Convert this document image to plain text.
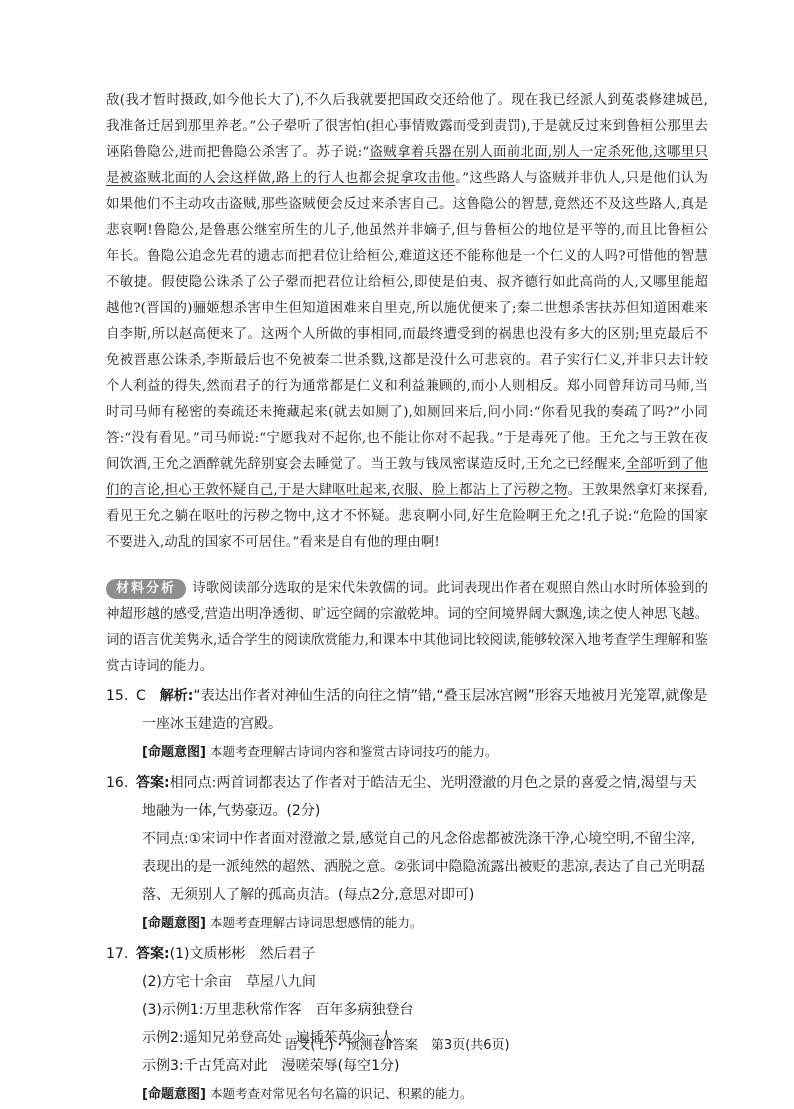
敌(我才暂时摄政,如今他长大了),不久后我就要把国政交还给他了。现在我已经派人到菟裘修建城邑,我准备迁居到那里养老。”公子翚听了很害怕(担心事情败露而受到责罚),于是就反过来到鲁桓公那里去诬陷鲁隐公,进而把鲁隐公杀害了。苏子说:“盗贼拿着兵器在别人面前北面,别人一定杀死他,这哪里只是被盗贼北面的人会这样做,路上的行人也都会捉拿攻击他。”这些路人与盗贼并非仇人,只是他们认为如果他们不主动攻击盗贼,那些盗贼便会反过来杀害自己。这鲁隐公的智慧,竟然还不及这些路人,真是悲哀啊!鲁隐公,是鲁惠公继室所生的儿子,他虽然并非嫡子,但与鲁桓公的地位是平等的,而且比鲁桓公年长。鲁隐公追念先君的遗志而把君位让给桓公,难道这还不能称他是一个仁义的人吗?可惜他的智慧不敏捷。假使隐公诛杀了公子翚而把君位让给桓公,即使是伯夷、叔齐德行如此高尚的人,又哪里能超越他?(晋国的)骊姬想杀害申生但知道困难来自里克,所以施优便来了;秦二世想杀害扶苏但知道困难来自李斯,所以赵高便来了。这两个人所做的事相同,而最终遭受到的祸患也没有多大的区别;里克最后不免被晋惠公诛杀,李斯最后也不免被秦二世杀戮,这都是没什么可悲哀的。君子实行仁义,并非只去计较个人利益的得失,然而君子的行为通常都是仁义和利益兼顾的,而小人则相反。郑小同曾拜访司马师,当时司马师有秘密的奏疏还未掩藏起来(就去如厕了),如厕回来后,问小同:“你看见我的奏疏了吗?”小同答:“没有看见。”司马师说:“宁愿我对不起你,也不能让你对不起我。”于是毒死了他。王允之与王敦在夜间饮酒,王允之酒醉就先辞别宴会去睡觉了。当王敦与钱凤密谋造反时,王允之已经醒来,全部听到了他们的言论,担心王敦怀疑自己,于是大肆呕吐起来,衣服、脸上都沾上了污秽之物。王敦果然拿灯来探看,看见王允之躺在呕吐的污秽之物中,这才不怀疑。悲哀啊小同,好生危险啊王允之!孔子说:“危险的国家不要进入,动乱的国家不可居住。”看来是自有他的理由啊!

材料分析 诗歌阅读部分选取的是宋代朱敦儒的词。此词表现出作者在观照自然山水时所体验到的神超形越的感受,营造出明净透彻、旷远空阔的宗澈乾坤。词的空间境界阔大飘逸,读之使人神思飞越。词的语言优美隽永,适合学生的阅读欣赏能力,和课本中其他词比较阅读,能够较深入地考查学生理解和鉴赏古诗词的能力。

15. C　 解析:“表达出作者对神仙生活的向往之情”错,“叠玉层冰宫阙”形容天地被月光笼罩,就像是一座冰玉建造的宫殿。

[命题意图] 本题考查理解古诗词内容和鉴赏古诗词技巧的能力。

16. 答案:相同点:两首词都表达了作者对于皓洁无尘、光明澄澈的月色之景的喜爱之情,渴望与天地融为一体,气势豪迈。(2分)

不同点:①宋词中作者面对澄澈之景,感觉自己的凡念俗虑都被洗涤干净,心境空明,不留尘滓,表现出的是一派纯然的超然、洒脱之意。②张词中隐隐流露出被贬的悲凉,表达了自己光明磊落、无须别人了解的孤高贞洁。(每点2分,意思对即可)

[命题意图] 本题考查理解古诗词思想感情的能力。

17. 答案:(1)文质彬彬　然后君子

(2)方宅十余亩　草屋八九间

(3)示例1:万里悲秋常作客　百年多病独登台

示例2:遥知兄弟登高处　遍插茱萸少一人

示例3:千古凭高对此　漫嗟荣辱(每空1分)

[命题意图] 本题考查对常见名句名篇的识记、积累的能力。

语文(七)・预测卷Ⅱ答案　第3页(共6页)
